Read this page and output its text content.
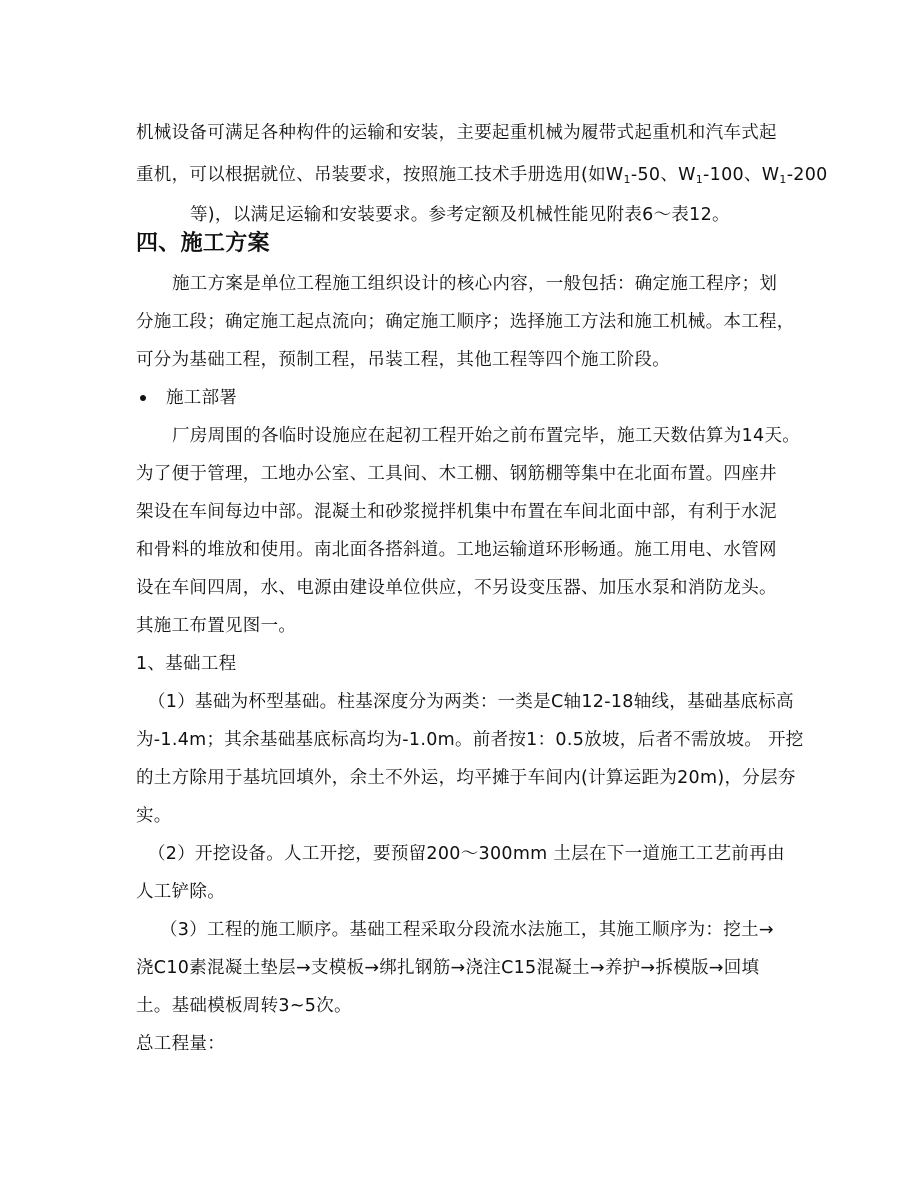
机械设备可满足各种构件的运输和安装，主要起重机械为履带式起重机和汽车式起
重机，可以根据就位、吊装要求，按照施工技术手册选用(如$W_1-50$、$W_1-100$、$W_1-200$
等)，以满足运输和安装要求。参考定额及机械性能见附表6～表12。
四、施工方案
施工方案是单位工程施工组织设计的核心内容，一般包括：确定施工程序；划
分施工段；确定施工起点流向；确定施工顺序；选择施工方法和施工机械。本工程，
可分为基础工程，预制工程，吊装工程，其他工程等四个施工阶段。
施工部署
厂房周围的各临时设施应在起初工程开始之前布置完毕，施工天数估算为14天。
为了便于管理，工地办公室、工具间、木工棚、钢筋棚等集中在北面布置。四座井
架设在车间每边中部。混凝土和砂浆搅拌机集中布置在车间北面中部，有利于水泥
和骨料的堆放和使用。南北面各搭斜道。工地运输道环形畅通。施工用电、水管网
设在车间四周，水、电源由建设单位供应，不另设变压器、加压水泵和消防龙头。
其施工布置见图一。
1、基础工程
（1）基础为杯型基础。柱基深度分为两类：一类是C轴12-18轴线，基础基底标高
为-1.4m；其余基础基底标高均为-1.0m。前者按1：0.5放坡，后者不需放坡。 开挖
的土方除用于基坑回填外，余土不外运，均平摊于车间内(计算运距为20m)，分层夯
实。
（2）开挖设备。人工开挖，要预留200～300mm 土层在下一道施工工艺前再由
人工铲除。
（3）工程的施工顺序。基础工程采取分段流水法施工，其施工顺序为：挖土→
浇C10素混凝土垫层→支模板→绑扎钢筋→浇注C15混凝土→养护→拆模版→回填
土。基础模板周转3~5次。
总工程量：
